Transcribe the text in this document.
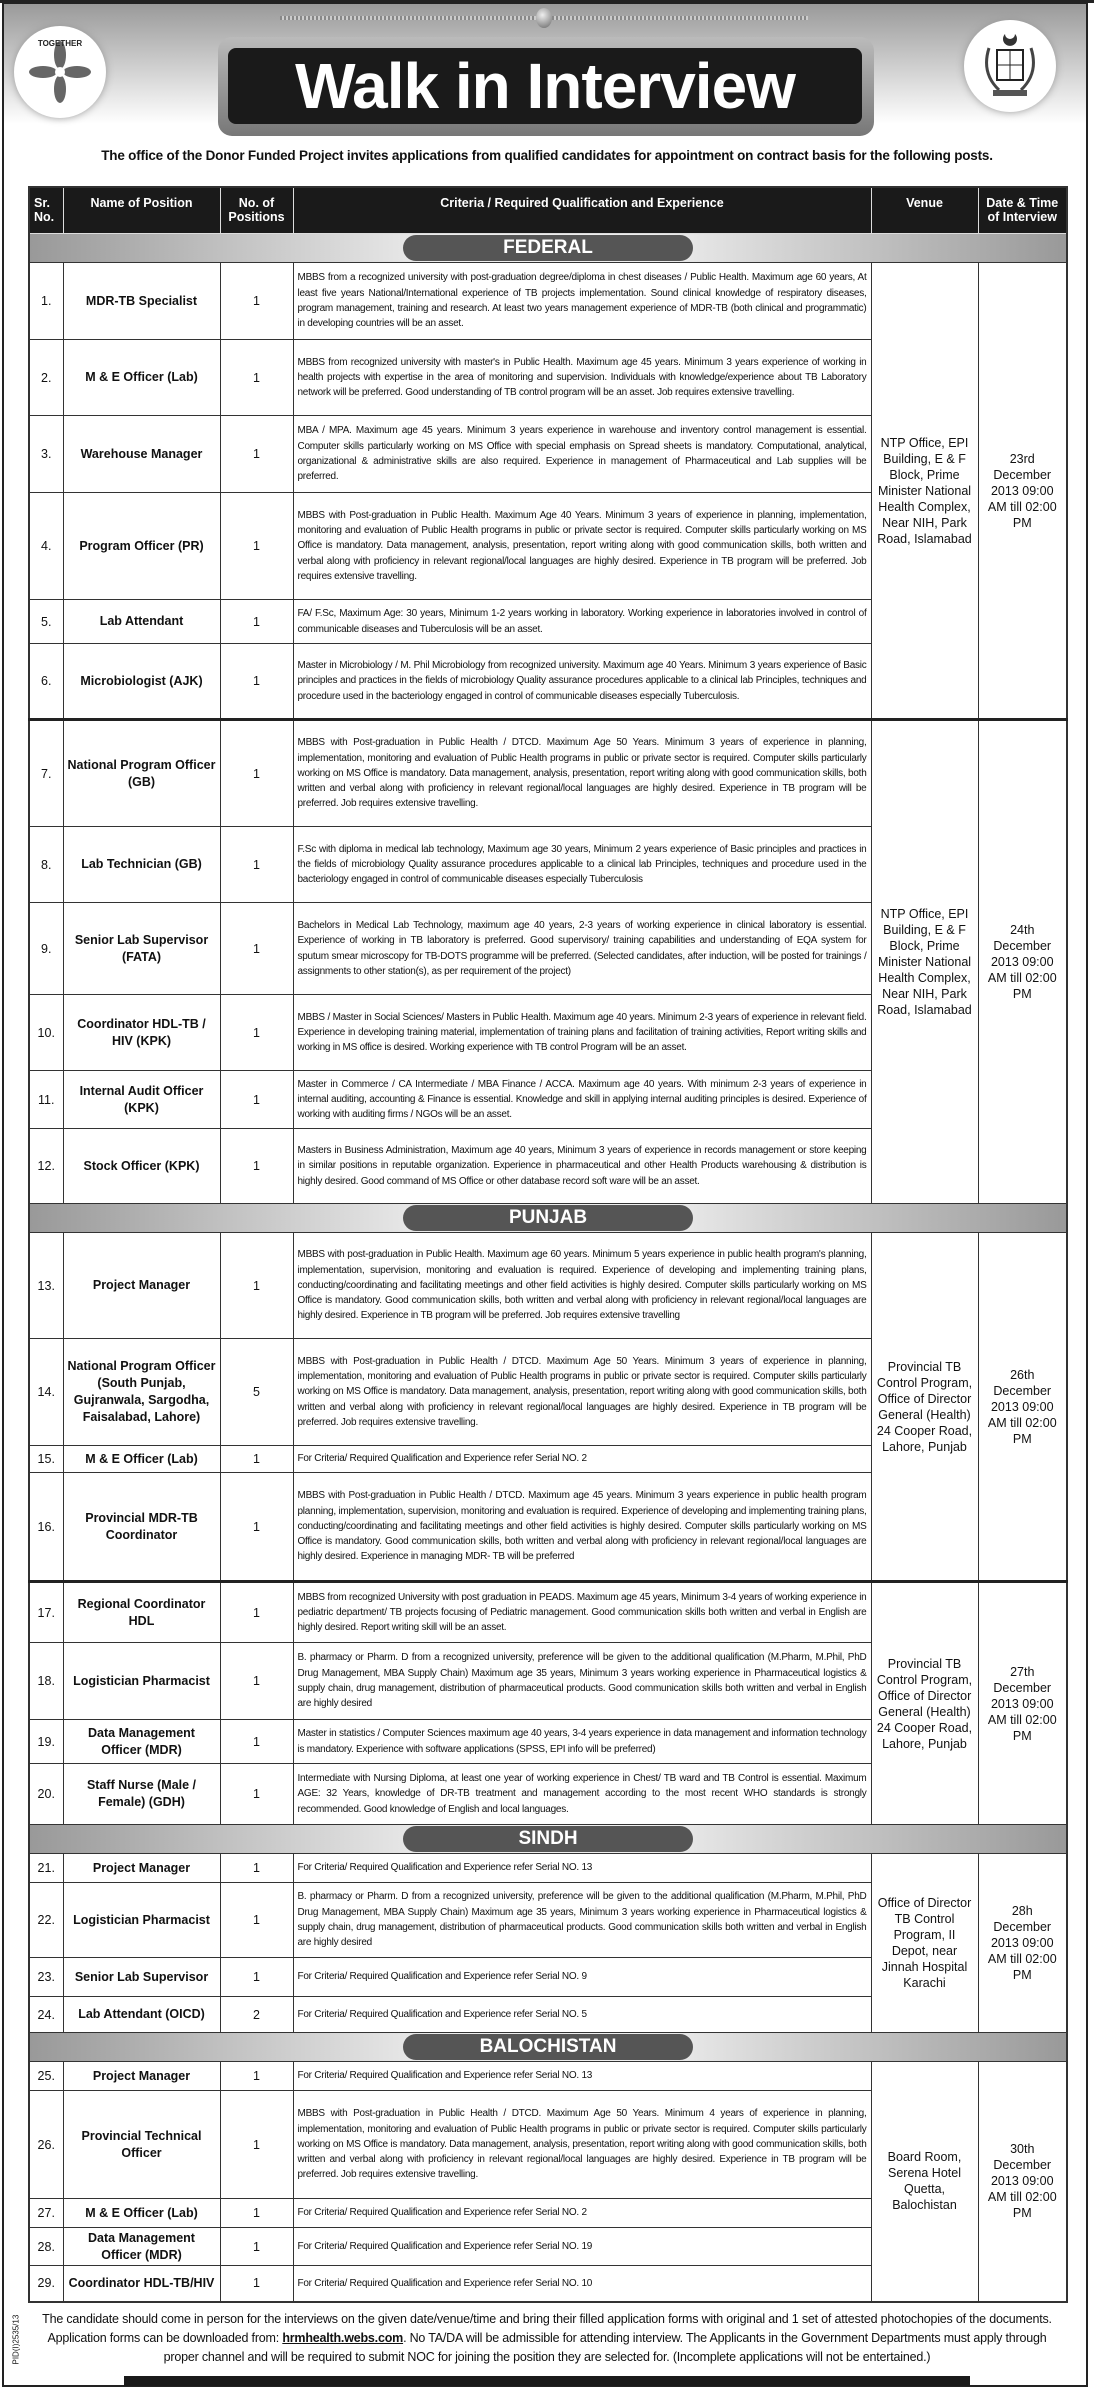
TOGETHER
Walk in Interview
The office of the Donor Funded Project invites applications from qualified candidates for appointment on contract basis for the following posts.
Sr. No.	Name of Position	No. of Positions	Criteria / Required Qualification and Experience	Venue	Date & Time of Interview

FEDERAL					

1.	MDR-TB Specialist	1	MBBS from a recognized university with post-graduation degree/diploma in chest diseases / Public Health. Maximum age 60 years, At least five years National/International experience of TB projects implementation. Sound clinical knowledge of respiratory diseases, program management, training and research. At least two years management experience of MDR-TB (both clinical and programmatic) in developing countries will be an asset.	NTP Office, EPI Building, E & F Block, Prime Minister National Health Complex, Near NIH, Park Road, Islamabad	23rd December 2013 09:00 AM till 02:00 PM
2.	M & E Officer (Lab)	1	MBBS from recognized university with master's in Public Health. Maximum age 45 years. Minimum 3 years experience of working in health projects with expertise in the area of monitoring and supervision. Individuals with knowledge/experience about TB Laboratory network will be preferred. Good understanding of TB control program will be an asset. Job requires extensive travelling.		
3.	Warehouse Manager	1	MBA / MPA. Maximum age 45 years. Minimum 3 years experience in warehouse and inventory control management is essential. Computer skills particularly working on MS Office with special emphasis on Spread sheets is mandatory. Computational, analytical, organizational & administrative skills are also required. Experience in management of Pharmaceutical and Lab supplies will be preferred.		
4.	Program Officer (PR)	1	MBBS with Post-graduation in Public Health. Maximum Age 40 Years. Minimum 3 years of experience in planning, implementation, monitoring and evaluation of Public Health programs in public or private sector is required. Computer skills particularly working on MS Office is mandatory. Data management, analysis, presentation, report writing along with good communication skills, both written and verbal along with proficiency in relevant regional/local languages are highly desired. Experience in TB program will be preferred. Job requires extensive travelling.		
5.	Lab Attendant	1	FA/ F.Sc, Maximum Age: 30 years, Minimum 1-2 years working in laboratory. Working experience in laboratories involved in control of communicable diseases and Tuberculosis will be an asset.		
6.	Microbiologist (AJK)	1	Master in Microbiology / M. Phil Microbiology from recognized university. Maximum age 40 Years. Minimum 3 years experience of Basic principles and practices in the fields of microbiology Quality assurance procedures applicable to a clinical lab Principles, techniques and procedure used in the bacteriology engaged in control of communicable diseases especially Tuberculosis.		
7.	National Program Officer (GB)	1	MBBS with Post-graduation in Public Health / DTCD. Maximum Age 50 Years. Minimum 3 years of experience in planning, implementation, monitoring and evaluation of Public Health programs in public or private sector is required. Computer skills particularly working on MS Office is mandatory. Data management, analysis, presentation, report writing along with good communication skills, both written and verbal along with proficiency in relevant regional/local languages are highly desired. Experience in TB program will be preferred. Job requires extensive travelling.	NTP Office, EPI Building, E & F Block, Prime Minister National Health Complex, Near NIH, Park Road, Islamabad	24th December 2013 09:00 AM till 02:00 PM
8.	Lab Technician (GB)	1	F.Sc with diploma in medical lab technology, Maximum age 30 years, Minimum 2 years experience of Basic principles and practices in the fields of microbiology Quality assurance procedures applicable to a clinical lab Principles, techniques and procedure used in the bacteriology engaged in control of communicable diseases especially Tuberculosis		
9.	Senior Lab Supervisor (FATA)	1	Bachelors in Medical Lab Technology, maximum age 40 years, 2-3 years of working experience in clinical laboratory is essential. Experience of working in TB laboratory is preferred. Good supervisory/ training capabilities and understanding of EQA system for sputum smear microscopy for TB-DOTS programme will be preferred. (Selected candidates, after induction, will be posted for trainings / assignments to other station(s), as per requirement of the project)		
10.	Coordinator HDL-TB / HIV (KPK)	1	MBBS / Master in Social Sciences/ Masters in Public Health. Maximum age 40 years. Minimum 2-3 years of experience in relevant field. Experience in developing training material, implementation of training plans and facilitation of training activities, Report writing skills and working in MS office is desired. Working experience with TB control Program will be an asset.		
11.	Internal Audit Officer (KPK)	1	Master in Commerce / CA Intermediate / MBA Finance / ACCA. Maximum age 40 years. With minimum 2-3 years of experience in internal auditing, accounting & Finance is essential. Knowledge and skill in applying internal auditing principles is desired. Experience of working with auditing firms / NGOs will be an asset.		
12.	Stock Officer (KPK)	1	Masters in Business Administration, Maximum age 40 years, Minimum 3 years of experience in records management or store keeping in similar positions in reputable organization. Experience in pharmaceutical and other Health Products warehousing & distribution is highly desired. Good command of MS Office or other database record soft ware will be an asset.		

PUNJAB					

13.	Project Manager	1	MBBS with post-graduation in Public Health. Maximum age 60 years. Minimum 5 years experience in public health program's planning, implementation, supervision, monitoring and evaluation is required. Experience of developing and implementing training plans, conducting/coordinating and facilitating meetings and other field activities is highly desired. Computer skills particularly working on MS Office is mandatory. Good communication skills, both written and verbal along with proficiency in relevant regional/local languages are highly desired. Experience in TB program will be preferred. Job requires extensive travelling	Provincial TB Control Program, Office of Director General (Health) 24 Cooper Road, Lahore, Punjab	26th December 2013 09:00 AM till 02:00 PM
14.	National Program Officer (South Punjab, Gujranwala, Sargodha, Faisalabad, Lahore)	5	MBBS with Post-graduation in Public Health / DTCD. Maximum Age 50 Years. Minimum 3 years of experience in planning, implementation, monitoring and evaluation of Public Health programs in public or private sector is required. Computer skills particularly working on MS Office is mandatory. Data management, analysis, presentation, report writing along with good communication skills, both written and verbal along with proficiency in relevant regional/local languages are highly desired. Experience in TB program will be preferred. Job requires extensive travelling.		
15.	M & E Officer (Lab)	1	For Criteria/ Required Qualification and Experience refer Serial NO. 2		
16.	Provincial MDR-TB Coordinator	1	MBBS with Post-graduation in Public Health / DTCD. Maximum age 45 years. Minimum 3 years experience in public health program planning, implementation, supervision, monitoring and evaluation is required. Experience of developing and implementing training plans, conducting/coordinating and facilitating meetings and other field activities is highly desired. Computer skills particularly working on MS Office is mandatory. Good communication skills, both written and verbal along with proficiency in relevant regional/local languages are highly desired. Experience in managing MDR- TB will be preferred		
17.	Regional Coordinator HDL	1	MBBS from recognized University with post graduation in PEADS. Maximum age 45 years, Minimum 3-4 years of working experience in pediatric department/ TB projects focusing of Pediatric management. Good communication skills both written and verbal in English are highly desired. Report writing skill will be an asset.	Provincial TB Control Program, Office of Director General (Health) 24 Cooper Road, Lahore, Punjab	27th December 2013 09:00 AM till 02:00 PM
18.	Logistician Pharmacist	1	B. pharmacy or Pharm. D from a recognized university, preference will be given to the additional qualification (M.Pharm, M.Phil, PhD Drug Management, MBA Supply Chain) Maximum age 35 years, Minimum 3 years working experience in Pharmaceutical logistics & supply chain, drug management, distribution of pharmaceutical products. Good communication skills both written and verbal in English are highly desired		
19.	Data Management Officer (MDR)	1	Master in statistics / Computer Sciences maximum age 40 years, 3-4 years experience in data management and information technology is mandatory. Experience with software applications (SPSS, EPI info will be preferred)		
20.	Staff Nurse (Male / Female) (GDH)	1	Intermediate with Nursing Diploma, at least one year of working experience in Chest/ TB ward and TB Control is essential. Maximum AGE: 32 Years, knowledge of DR-TB treatment and management according to the most recent WHO standards is strongly recommended. Good knowledge of English and local languages.		

SINDH					

21.	Project Manager	1	For Criteria/ Required Qualification and Experience refer Serial NO. 13	Office of Director TB Control Program, II Depot, near Jinnah Hospital Karachi	28h December 2013 09:00 AM till 02:00 PM
22.	Logistician Pharmacist	1	B. pharmacy or Pharm. D from a recognized university, preference will be given to the additional qualification (M.Pharm, M.Phil, PhD Drug Management, MBA Supply Chain) Maximum age 35 years, Minimum 3 years working experience in Pharmaceutical logistics & supply chain, drug management, distribution of pharmaceutical products. Good communication skills both written and verbal in English are highly desired		
23.	Senior Lab Supervisor	1	For Criteria/ Required Qualification and Experience refer Serial NO. 9		
24.	Lab Attendant (OICD)	2	For Criteria/ Required Qualification and Experience refer Serial NO. 5		

BALOCHISTAN					

25.	Project Manager	1	For Criteria/ Required Qualification and Experience refer Serial NO. 13	Board Room, Serena Hotel Quetta, Balochistan	30th December 2013 09:00 AM till 02:00 PM
26.	Provincial Technical Officer	1	MBBS with Post-graduation in Public Health / DTCD. Maximum Age 50 Years. Minimum 4 years of experience in planning, implementation, monitoring and evaluation of Public Health programs in public or private sector is required. Computer skills particularly working on MS Office is mandatory. Data management, analysis, presentation, report writing along with good communication skills, both written and verbal along with proficiency in relevant regional/local languages are highly desired. Experience in TB program will be preferred. Job requires extensive travelling.		
27.	M & E Officer (Lab)	1	For Criteria/ Required Qualification and Experience refer Serial NO. 2		
28.	Data Management Officer (MDR)	1	For Criteria/ Required Qualification and Experience refer Serial NO. 19		
29.	Coordinator HDL-TB/HIV	1	For Criteria/ Required Qualification and Experience refer Serial NO. 10		
The candidate should come in person for the interviews on the given date/venue/time and bring their filled application forms with original and 1 set of attested photochopies of the documents. Application forms can be downloaded from: hrmhealth.webs.com. No TA/DA will be admissible for attending interview. The Applicants in the Government Departments must apply through proper channel and will be required to submit NOC for joining the position they are selected for. (Incomplete applications will not be entertained.)
PID(I)2535/13
